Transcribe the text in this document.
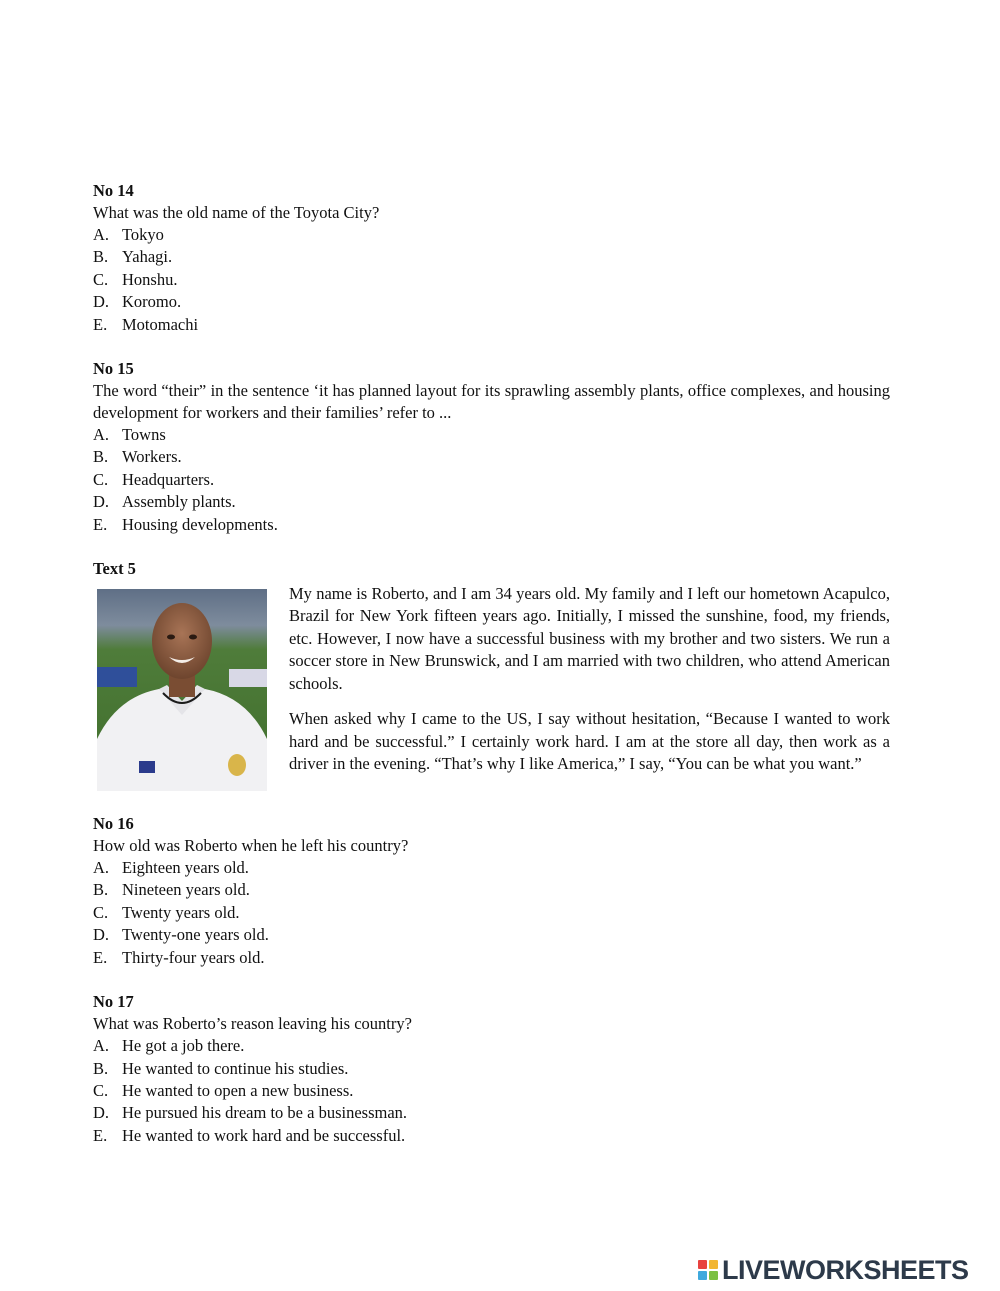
No 14

What was the old name of the Toyota City?

A. Tokyo
B. Yahagi.
C. Honshu.
D. Koromo.
E. Motomachi

No 15

The word “their” in the sentence ‘it has planned layout for its sprawling assembly plants, office complexes, and housing development for workers and their families’ refer to ...

A. Towns
B. Workers.
C. Headquarters.
D. Assembly plants.
E. Housing developments.

Text 5

My name is Roberto, and I am 34 years old. My family and I left our hometown Acapulco, Brazil for New York fifteen years ago. Initially, I missed the sunshine, food, my friends, etc. However, I now have a successful business with my brother and two sisters. We run a soccer store in New Brunswick, and I am married with two children, who attend American schools.

When asked why I came to the US, I say without hesitation, “Because I wanted to work hard and be successful.” I certainly work hard. I am at the store all day, then work as a driver in the evening. “That’s why I like America,” I say, “You can be what you want.”

No 16

How old was Roberto when he left his country?

A. Eighteen years old.
B. Nineteen years old.
C. Twenty years old.
D. Twenty-one years old.
E. Thirty-four years old.

No 17

What was Roberto’s reason leaving his country?

A. He got a job there.
B. He wanted to continue his studies.
C. He wanted to open a new business.
D. He pursued his dream to be a businessman.
E. He wanted to work hard and be successful.
LIVEWORKSHEETS
